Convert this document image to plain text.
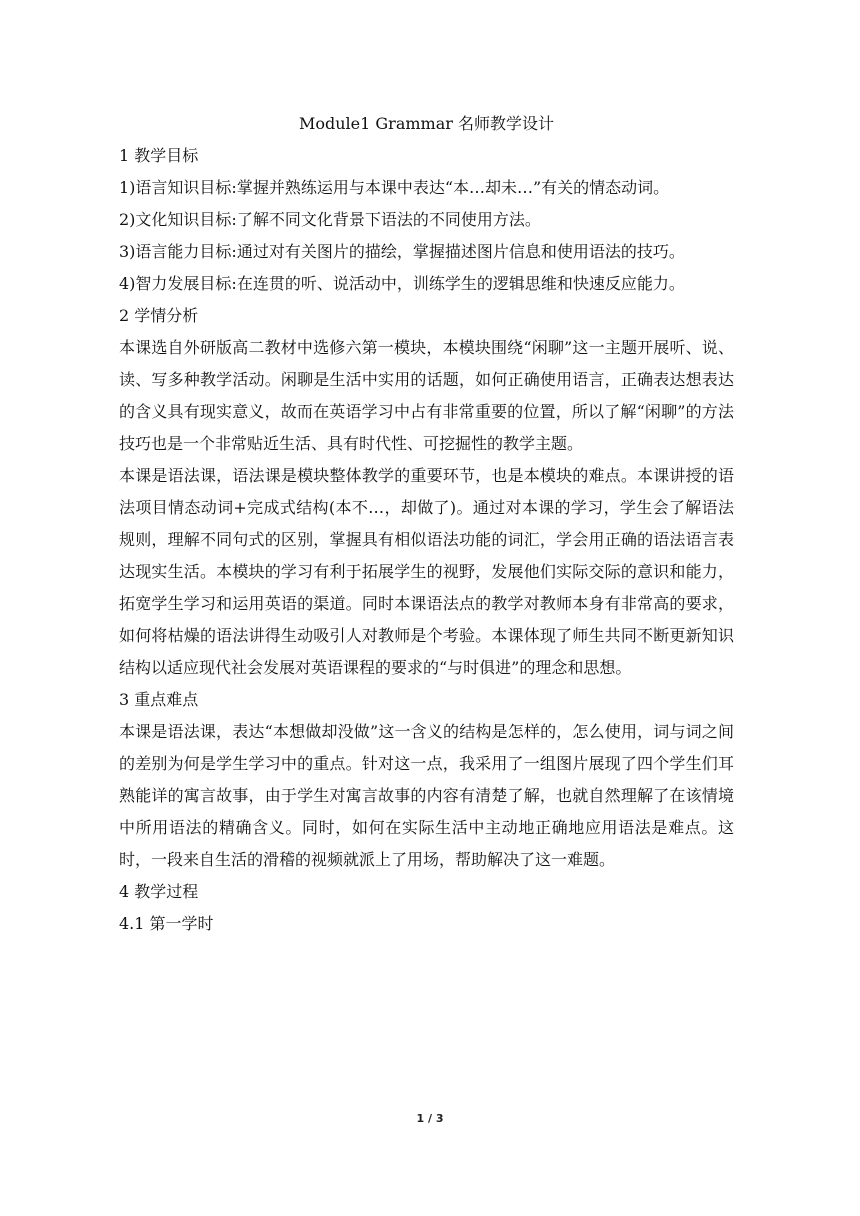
Module1 Grammar 名师教学设计

1 教学目标

1)语言知识目标:掌握并熟练运用与本课中表达“本…却未…”有关的情态动词。

2)文化知识目标:了解不同文化背景下语法的不同使用方法。

3)语言能力目标:通过对有关图片的描绘，掌握描述图片信息和使用语法的技巧。

4)智力发展目标:在连贯的听、说活动中，训练学生的逻辑思维和快速反应能力。

2 学情分析

本课选自外研版高二教材中选修六第一模块，本模块围绕“闲聊”这一主题开展听、说、读、写多种教学活动。闲聊是生活中实用的话题，如何正确使用语言，正确表达想表达的含义具有现实意义，故而在英语学习中占有非常重要的位置，所以了解“闲聊”的方法技巧也是一个非常贴近生活、具有时代性、可挖掘性的教学主题。

本课是语法课，语法课是模块整体教学的重要环节，也是本模块的难点。本课讲授的语法项目情态动词+完成式结构(本不…，却做了)。通过对本课的学习，学生会了解语法规则，理解不同句式的区别，掌握具有相似语法功能的词汇，学会用正确的语法语言表达现实生活。本模块的学习有利于拓展学生的视野，发展他们实际交际的意识和能力，拓宽学生学习和运用英语的渠道。同时本课语法点的教学对教师本身有非常高的要求，如何将枯燥的语法讲得生动吸引人对教师是个考验。本课体现了师生共同不断更新知识结构以适应现代社会发展对英语课程的要求的“与时俱进”的理念和思想。

3 重点难点

本课是语法课，表达“本想做却没做”这一含义的结构是怎样的，怎么使用，词与词之间的差别为何是学生学习中的重点。针对这一点，我采用了一组图片展现了四个学生们耳熟能详的寓言故事，由于学生对寓言故事的内容有清楚了解，也就自然理解了在该情境中所用语法的精确含义。同时，如何在实际生活中主动地正确地应用语法是难点。这时，一段来自生活的滑稽的视频就派上了用场，帮助解决了这一难题。

4 教学过程

4.1 第一学时

1 / 3
